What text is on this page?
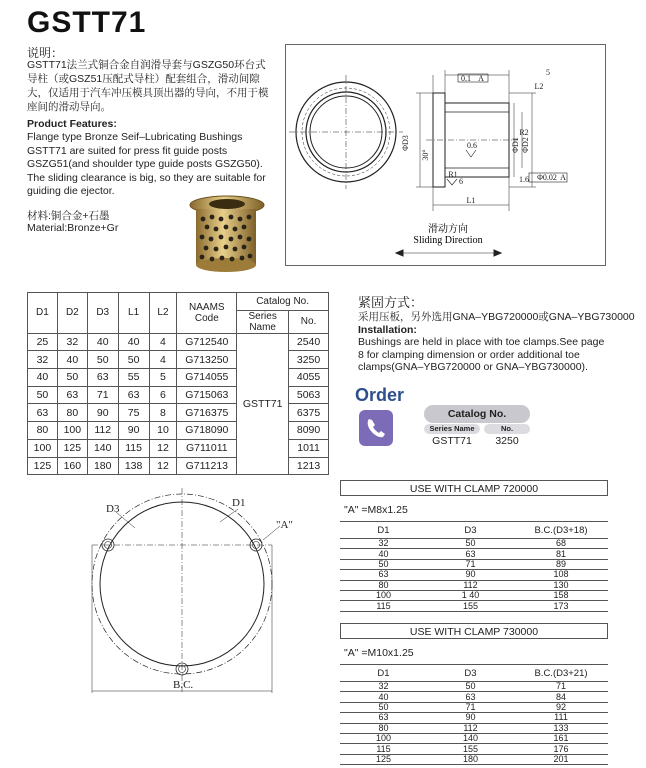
GSTT71
说明：
GSTT71法兰式铜合金自润滑导套与GSZG50环台式导柱（或GSZ51压配式导柱）配套组合，滑动间隙大，仅适用于汽车冲压模具顶出器的导向，不用于模座间的滑动导向。
Product Features:
Flange type Bronze Seif–Lubricating Bushings GSTT71 are suited for press fit guide posts GSZG51(and shoulder type guide posts GSZG50). The sliding clearance is big, so they are suitable for guiding die ejector.
材料:铜合金+石墨
Material:Bronze+Gr
6
L1
L2
5
R2
0.1 A
Φ0.02 A
0.6
R1
1.6
ΦD3
30°
ΦD1 ΦD2
滑动方向
Sliding Direction
D1	D2	D3	L1	L2	NAAMS Code	Catalog No.	
						Series Name	No.
25	32	40	40	4	G712540	GSTT71	2540
32	40	50	50	4	G713250		3250
40	50	63	55	5	G714055		4055
50	63	71	63	6	G715063		5063
63	80	90	75	8	G716375		6375
80	100	112	90	10	G718090		8090
100	125	140	115	12	G711011		1011
125	160	180	138	12	G711213		1213
紧固方式：
采用压板，另外选用GNA–YBG720000或GNA–YBG730000
Installation:
Bushings are held in place with toe clamps.See page 8 for clamping dimension or order additional toe clamps(GNA–YBG720000 or GNA–YBG730000).
Order
Catalog No.
Series Name	No.
GSTT71	3250
D3	D1
"A"
B.C.
USE WITH CLAMP 720000
"A" =M8x1.25
D1	D3	B.C.(D3+18)
32	50	68
40	63	81
50	71	89
63	90	108
80	112	130
100	1 40	158
115	155	173
USE WITH CLAMP 730000
"A" =M10x1.25
D1	D3	B.C.(D3+21)
32	50	71
40	63	84
50	71	92
63	90	111
80	112	133
100	140	161
115	155	176
125	180	201
